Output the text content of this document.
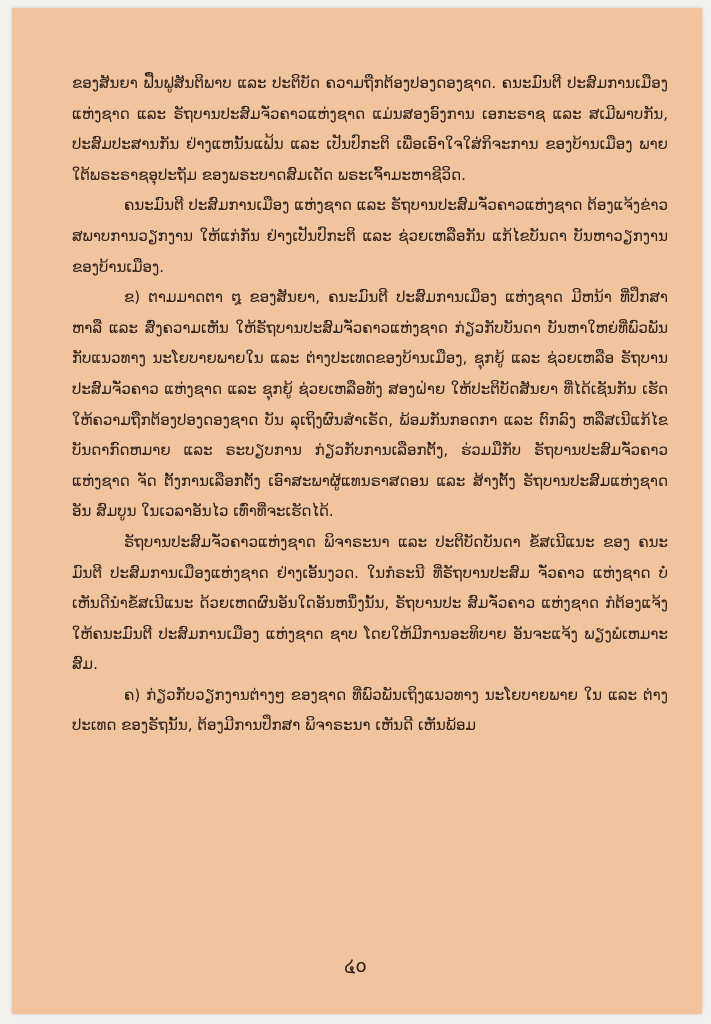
ຂອງສັນຍາ ຟື້ນຟູສັນຕິພາບ ແລະ ປະຕິບັດ ຄວາມຖືກຕ້ອງປອງດອງຊາດ. ຄນະມົນຕີ ປະສົມການເມືອງ ແຫ່ງຊາດ ແລະ ຣັຖບານປະສົມຈັ່ວຄາວແຫ່ງຊາດ ແມ່ນສອງອົງການ ເອກະຣາຊ ແລະ ສເມີພາບກັນ, ປະສົມປະສານກັນ ຢ່າງແຫນັ້ນແຟ້ນ ແລະ ເປັນປົກະຕິ ເພື່ອເອົາໃຈໃສ່ກິຈະການ ຂອງບ້ານເມືອງ ພາຍໃຕ້ພຣະຣາຊອຸປະຖັມ ຂອງພຣະບາດສົມເດັດ ພຣະເຈົ້າມະຫາຊີວິດ.

ຄນະມົນຕີ ປະສົມການເມືອງ ແຫ່ງຊາດ ແລະ ຣັຖບານປະສົມຈັ່ວຄາວແຫ່ງຊາດ ຕ້ອງແຈ້ງຂ່າວ ສພາບການວຽກງານ ໃຫ້ແກ່ກັນ ຢ່າງເປັນປົກະຕິ ແລະ ຊ່ວຍເຫລືອກັນ ແກ້ໄຂບັນດາ ບັນຫາວຽກງານ ຂອງບ້ານເມືອງ.

ຂ) ຕາມມາດຕາ ໘ ຂອງສັນຍາ, ຄນະມົນຕີ ປະສົມການເມືອງ ແຫ່ງຊາດ ມີຫນ້າ ທີ່ປຶກສາຫາລື ແລະ ສົ່ງຄວາມເຫັນ ໃຫ້ຣັຖບານປະສົມຈັ່ວຄາວແຫ່ງຊາດ ກ່ຽວກັບບັນດາ ບັນຫາໃຫຍ່ທີ່ພົວພັນກັບແນວທາງ ນະໂຍບາຍພາຍໃນ ແລະ ຕ່າງປະເທດຂອງບ້ານເມືອງ, ຊຸກຍູ້ ແລະ ຊ່ວຍເຫລືອ ຣັຖບານປະສົມຈັ່ວຄາວ ແຫ່ງຊາດ ແລະ ຊຸກຍູ້ ຊ່ວຍເຫລືອທັງ ສອງຝ່າຍ ໃຫ້ປະຕິບັດສັນຍາ ທີ່ໄດ້ເຊັນກັນ ເຮັດໃຫ້ຄວາມຖືກຕ້ອງປອງດອງຊາດ ບັນ ລຸເຖິງຜົນສຳເຣັດ, ພ້ອມກັນກອດກາ ແລະ ຕົກລົງ ຫລືສເນີແກ້ໄຂ ບັນດາກົດຫມາຍ ແລະ ຣະບຽບການ ກ່ຽວກັບການເລືອກຕັ້ງ, ຮ່ວມມືກັບ ຣັຖບານປະສົມຈັ່ວຄາວແຫ່ງຊາດ ຈັດ ຕັ້ງການເລືອກຕັ້ງ ເອົາສະພາຜູ້ແທນຣາສດອນ ແລະ ສ້າງຕັ້ງ ຣັຖບານປະສົມແຫ່ງຊາດ ອັນ ສົມບູນ ໃນເວລາອັນໄວ ເທົ່າທີ່ຈະເຮັດໄດ້.

ຣັຖບານປະສົມຈັ່ວຄາວແຫ່ງຊາດ ພິຈາຣະນາ ແລະ ປະຕິບັດບັນດາ ຂໍ້ສເນີແນະ ຂອງ ຄນະມົນຕີ ປະສົມການເມືອງແຫ່ງຊາດ ຢ່າງເອັ້ນງວດ. ໃນກໍຣະນີ ທີ່ຣັຖບານປະສົມ ຈັ່ວຄາວ ແຫ່ງຊາດ ບໍ່ເຫັນດີນຳຂໍ້ສເນີແນະ ດ້ວຍເຫດຜົນອັນໃດອັນຫນຶ່ງນັ້ນ, ຣັຖບານປະ ສົມຈັ່ວຄາວ ແຫ່ງຊາດ ກໍຕ້ອງແຈ້ງ ໃຫ້ຄນະມົນຕີ ປະສົມການເມືອງ ແຫ່ງຊາດ ຊາບ ໂດຍໃຫ້ມີການອະທິບາຍ ອັນຈະແຈ້ງ ພຽງພໍເຫມາະສົມ.

ຄ) ກ່ຽວກັບວຽກງານຕ່າງໆ ຂອງຊາດ ທີ່ພົວພັນເຖິງແນວທາງ ນະໂຍບາຍພາຍ ໃນ ແລະ ຕ່າງປະເທດ ຂອງຣັຖນັ້ນ, ຕ້ອງມີການປຶກສາ ພິຈາຣະນາ ເຫັນດີ ເຫັນພ້ອມ

໔໐
